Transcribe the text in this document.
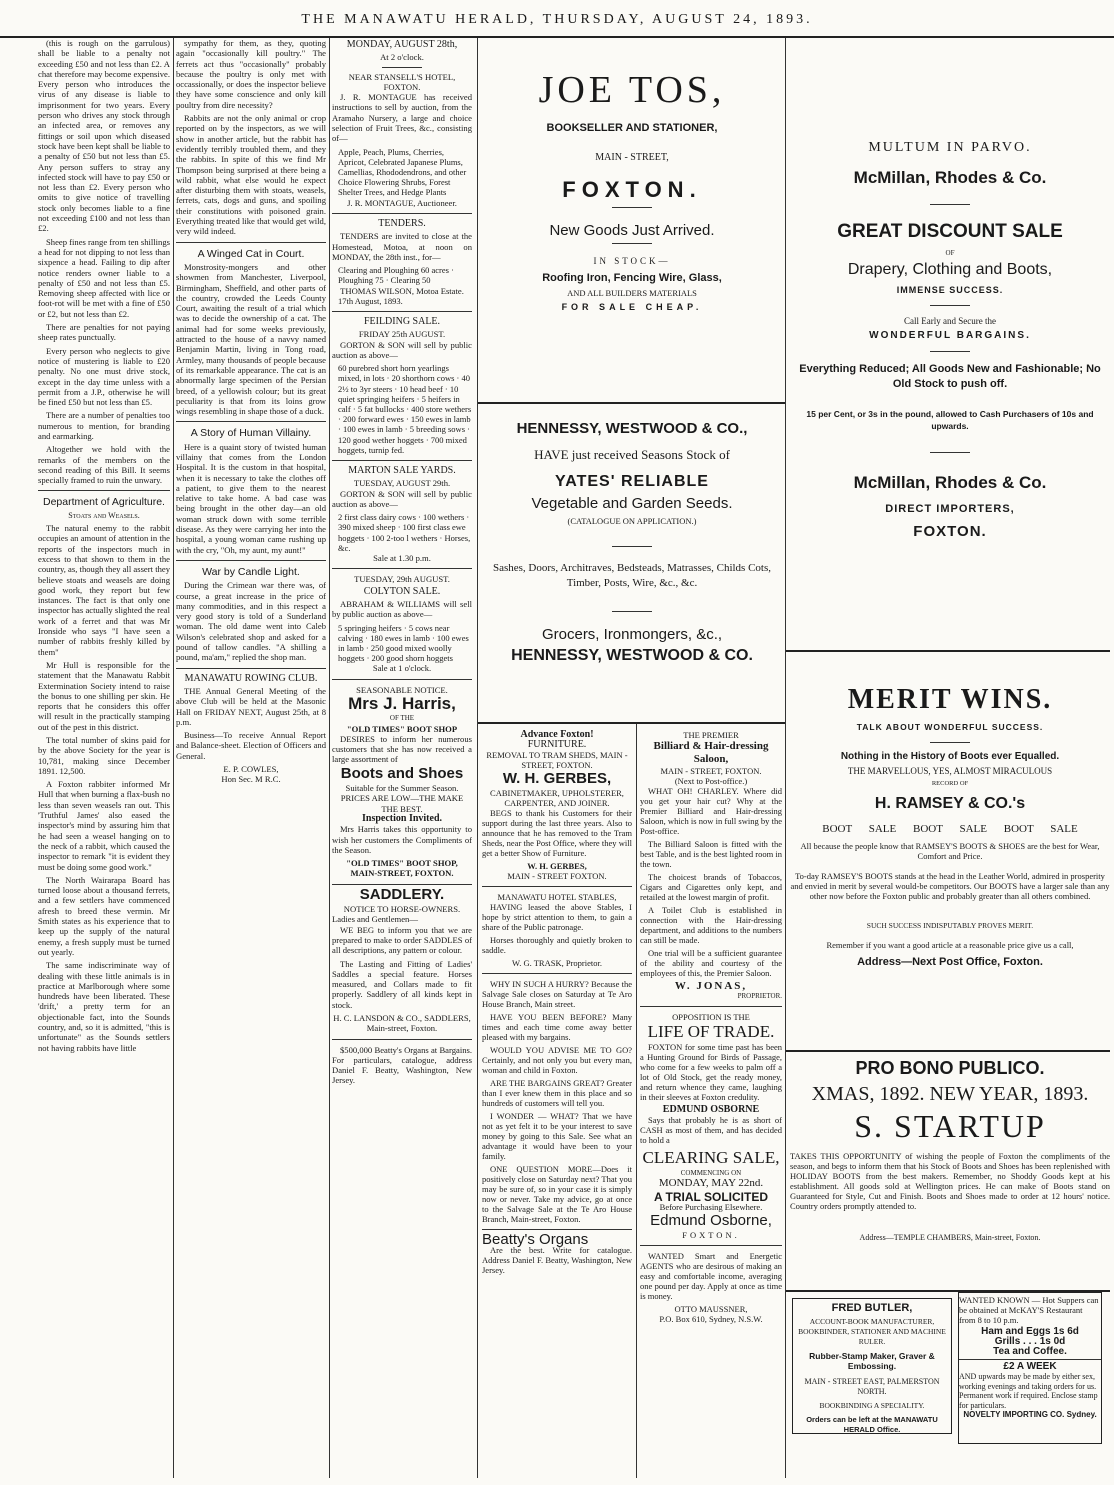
THE MANAWATU HERALD, THURSDAY, AUGUST 24, 1893.

(this is rough on the garrulous) shall be liable to a penalty not exceeding £50 and not less than £2. A chat therefore may become expensive. Every person who introduces the virus of any disease is liable to imprisonment for two years. Every person who drives any stock through an infected area, or removes any fittings or soil upon which diseased stock have been kept shall be liable to a penalty of £50 but not less than £5. Any person suffers to stray any infected stock will have to pay £50 or not less than £2. Every person who omits to give notice of travelling stock only becomes liable to a fine not exceeding £100 and not less than £2.

Sheep fines range from ten shillings a head for not dipping to not less than sixpence a head. Failing to dip after notice renders owner liable to a penalty of £50 and not less than £5. Removing sheep affected with lice or foot-rot will be met with a fine of £50 or £2, but not less than £2.

There are penalties for not paying sheep rates punctually.

Every person who neglects to give notice of mustering is liable to £20 penalty. No one must drive stock, except in the day time unless with a permit from a J.P., otherwise he will be fined £50 but not less than £5.

There are a number of penalties too numerous to mention, for branding and earmarking.

Altogether we hold with the remarks of the members on the second reading of this Bill. It seems specially framed to ruin the unwary.

Department of Agriculture.
Stoats and Weasels.

The natural enemy to the rabbit occupies an amount of attention in the reports of the inspectors much in excess to that shown to them in the country, as, though they all assert they believe stoats and weasels are doing good work, they report but few instances. The fact is that only one inspector has actually slighted the real work of a ferret and that was Mr Ironside who says "I have seen a number of rabbits freshly killed by them"

Mr Hull is responsible for the statement that the Manawatu Rabbit Extermination Society intend to raise the bonus to one shilling per skin. He reports that he considers this offer will result in the practically stamping out of the pest in this district.

The total number of skins paid for by the above Society for the year is 10,781, making since December 1891. 12,500.

A Foxton rabbiter informed Mr Hull that when burning a flax-bush no less than seven weasels ran out. This 'Truthful James' also eased the inspector's mind by assuring him that he had seen a weasel hanging on to the neck of a rabbit, which caused the inspector to remark "it is evident they must be doing some good work."

The North Wairarapa Board has turned loose about a thousand ferrets, and a few settlers have commenced afresh to breed these vermin. Mr Smith states as his experience that to keep up the supply of the natural enemy, a fresh supply must be turned out yearly.

The same indiscriminate way of dealing with these little animals is in practice at Marlborough where some hundreds have been liberated. These 'drift,' a pretty term for an objectionable fact, into the Sounds country, and, so it is admitted, "this is unfortunate" as the Sounds settlers not having rabbits have little

sympathy for them, as they, quoting again "occasionally kill poultry." The ferrets act thus "occasionally" probably because the poultry is only met with occassionally, or does the inspector believe they have some conscience and only kill poultry from dire necessity?

Rabbits are not the only animal or crop reported on by the inspectors, as we will show in another article, but the rabbit has evidently terribly troubled them, and they the rabbits. In spite of this we find Mr Thompson being surprised at there being a wild rabbit, what else would he expect after disturbing them with stoats, weasels, ferrets, cats, dogs and guns, and spoiling their constitutions with poisoned grain. Everything treated like that would get wild, very wild indeed.

A Winged Cat in Court.

Monstrosity-mongers and other showmen from Manchester, Liverpool, Birmingham, Sheffield, and other parts of the country, crowded the Leeds County Court, awaiting the result of a trial which was to decide the ownership of a cat. The animal had for some weeks previously, attracted to the house of a navvy named Benjamin Martin, living in Tong road, Armley, many thousands of people because of its remarkable appearance. The cat is an abnormally large specimen of the Persian breed, of a yellowish colour; but its great peculiarity is that from its loins grow wings resembling in shape those of a duck.

A Story of Human Villainy.

Here is a quaint story of twisted human villainy that comes from the London Hospital. It is the custom in that hospital, when it is necessary to take the clothes off a patient, to give them to the nearest relative to take home. A bad case was being brought in the other day—an old woman struck down with some terrible disease. As they were carrying her into the hospital, a young woman came rushing up with the cry, "Oh, my aunt, my aunt!"

War by Candle Light.

During the Crimean war there was, of course, a great increase in the price of many commodities, and in this respect a very good story is told of a Sunderland woman. The old dame went into Caleb Wilson's celebrated shop and asked for a pound of tallow candles. "A shilling a pound, ma'am," replied the shop man.

MANAWATU ROWING CLUB.

THE Annual General Meeting of the above Club will be held at the Masonic Hall on FRIDAY NEXT, August 25th, at 8 p.m.

Business—To receive Annual Report and Balance-sheet. Election of Officers and General.

E. P. COWLES,
Hon Sec. M R.C.
MONDAY, AUGUST 28th,
At 2 o'clock.
NEAR STANSELL'S HOTEL, FOXTON.

J. R. MONTAGUE has received instructions to sell by auction, from the Aramaho Nursery, a large and choice selection of Fruit Trees, &c., consisting of—

Apple, Peach, Plums, Cherries, Apricot, Celebrated Japanese Plums, Camellias, Rhododendrons, and other Choice Flowering Shrubs, Forest Shelter Trees, and Hedge Plants
J. R. MONTAGUE, Auctioneer.
TENDERS.

TENDERS are invited to close at the Homestead, Motoa, at noon on MONDAY, the 28th inst., for—

Clearing and Ploughing 60 acres · Ploughing 75 · Clearing 50
THOMAS WILSON, Motoa Estate.
17th August, 1893.
FEILDING SALE.
FRIDAY 25th AUGUST.

GORTON & SON will sell by public auction as above—

60 purebred short horn yearlings mixed, in lots · 20 shorthorn cows · 40 2½ to 3yr steers · 10 head beef · 10 quiet springing heifers · 5 heifers in calf · 5 fat bullocks · 400 store wethers · 200 forward ewes · 150 ewes in lamb · 100 ewes in lamb · 5 breeding sows · 120 good wether hoggets · 700 mixed hoggets, turnip fed.
MARTON SALE YARDS.
TUESDAY, AUGUST 29th.

GORTON & SON will sell by public auction as above—

2 first class dairy cows · 100 wethers · 390 mixed sheep · 100 first class ewe hoggets · 100 2-too l wethers · Horses, &c.
Sale at 1.30 p.m.
TUESDAY, 29th AUGUST.
COLYTON SALE.

ABRAHAM & WILLIAMS will sell by public auction as above—

5 springing heifers · 5 cows near calving · 180 ewes in lamb · 100 ewes in lamb · 250 good mixed woolly hoggets · 200 good shorn hoggets
Sale at 1 o'clock.
SEASONABLE NOTICE.
Mrs J. Harris,
OF THE
"OLD TIMES" BOOT SHOP

DESIRES to inform her numerous customers that she has now received a large assortment of

Boots and Shoes
Suitable for the Summer Season.
PRICES ARE LOW—THE MAKE THE BEST.
Inspection Invited.

Mrs Harris takes this opportunity to wish her customers the Compliments of the Season.

"OLD TIMES" BOOT SHOP, MAIN-STREET, FOXTON.
SADDLERY.
NOTICE TO HORSE-OWNERS.
Ladies and Gentlemen—

WE BEG to inform you that we are prepared to make to order SADDLES of all descriptions, any pattern or colour.

The Lasting and Fitting of Ladies' Saddles a special feature. Horses measured, and Collars made to fit properly. Saddlery of all kinds kept in stock.

H. C. LANSDON & CO., SADDLERS, Main-street, Foxton.

$500,000 Beatty's Organs at Bargains. For particulars, catalogue, address Daniel F. Beatty, Washington, New Jersey.

JOE TOS,
BOOKSELLER AND STATIONER,
MAIN - STREET,
FOXTON.
New Goods Just Arrived.
IN STOCK—
Roofing Iron, Fencing Wire, Glass,
AND ALL BUILDERS MATERIALS
FOR SALE CHEAP.
HENNESSY, WESTWOOD & CO.,
HAVE just received Seasons Stock of
YATES' RELIABLE
Vegetable and Garden Seeds.
(CATALOGUE ON APPLICATION.)
Sashes, Doors, Architraves, Bedsteads, Matrasses, Childs Cots, Timber, Posts, Wire, &c., &c.
Grocers, Ironmongers, &c.,
HENNESSY, WESTWOOD & CO.
Advance Foxton!
FURNITURE.
REMOVAL TO TRAM SHEDS, MAIN - STREET, FOXTON.
W. H. GERBES,
CABINETMAKER, UPHOLSTERER, CARPENTER, AND JOINER.

BEGS to thank his Customers for their support during the last three years. Also to announce that he has removed to the Tram Sheds, near the Post Office, where they will get a better Show of Furniture.

W. H. GERBES,
MAIN - STREET FOXTON.
MANAWATU HOTEL STABLES,

HAVING leased the above Stables, I hope by strict attention to them, to gain a share of the Public patronage.

Horses thoroughly and quietly broken to saddle.

W. G. TRASK, Proprietor.

WHY IN SUCH A HURRY? Because the Salvage Sale closes on Saturday at Te Aro House Branch, Main street.

HAVE YOU BEEN BEFORE? Many times and each time come away better pleased with my bargains.

WOULD YOU ADVISE ME TO GO? Certainly, and not only you but every man, woman and child in Foxton.

ARE THE BARGAINS GREAT? Greater than I ever knew them in this place and so hundreds of customers will tell you.

I WONDER — WHAT? That we have not as yet felt it to be your interest to save money by going to this Sale. See what an advantage it would have been to your family.

ONE QUESTION MORE—Does it positively close on Saturday next? That you may be sure of, so in your case it is simply now or never. Take my advice, go at once to the Salvage Sale at the Te Aro House Branch, Main-street, Foxton.

Beatty's Organs

Are the best. Write for catalogue. Address Daniel F. Beatty, Washington, New Jersey.

THE PREMIER
Billiard & Hair-dressing Saloon,
MAIN - STREET, FOXTON.
(Next to Post-office.)

WHAT OH! CHARLEY. Where did you get your hair cut? Why at the Premier Billiard and Hair-dressing Saloon, which is now in full swing by the Post-office.

The Billiard Saloon is fitted with the best Table, and is the best lighted room in the town.

The choicest brands of Tobaccos, Cigars and Cigarettes only kept, and retailed at the lowest margin of profit.

A Toilet Club is established in connection with the Hair-dressing department, and additions to the numbers can still be made.

One trial will be a sufficient guarantee of the ability and courtesy of the employees of this, the Premier Saloon.

W. JONAS,
PROPRIETOR.
OPPOSITION IS THE
LIFE OF TRADE.

FOXTON for some time past has been a Hunting Ground for Birds of Passage, who come for a few weeks to palm off a lot of Old Stock, get the ready money, and return whence they came, laughing in their sleeves at Foxton credulity.

EDMUND OSBORNE

Says that probably he is as short of CASH as most of them, and has decided to hold a

CLEARING SALE,
COMMENCING ON
MONDAY, MAY 22nd.
A TRIAL SOLICITED
Before Purchasing Elsewhere.
Edmund Osborne,
FOXTON.

WANTED Smart and Energetic AGENTS who are desirous of making an easy and comfortable income, averaging one pound per day. Apply at once as time is money.

OTTO MAUSSNER,
P.O. Box 610, Sydney, N.S.W.
MULTUM IN PARVO.
McMillan, Rhodes & Co.
GREAT DISCOUNT SALE
OF
Drapery, Clothing and Boots,
IMMENSE SUCCESS.
Call Early and Secure the
WONDERFUL BARGAINS.
Everything Reduced; All Goods New and Fashionable; No Old Stock to push off.
15 per Cent, or 3s in the pound, allowed to Cash Purchasers of 10s and upwards.
McMillan, Rhodes & Co.
DIRECT IMPORTERS,
FOXTON.
MERIT WINS.
TALK ABOUT WONDERFUL SUCCESS.
Nothing in the History of Boots ever Equalled.
THE MARVELLOUS, YES, ALMOST MIRACULOUS
RECORD OF
H. RAMSEY & CO.'s
BOOT SALE BOOT SALE BOOT SALE
All because the people know that RAMSEY'S BOOTS & SHOES are the best for Wear, Comfort and Price.
To-day RAMSEY'S BOOTS stands at the head in the Leather World, admired in prosperity and envied in merit by several would-be competitors. Our BOOTS have a larger sale than any other now before the Foxton public and probably greater than all others combined.
SUCH SUCCESS INDISPUTABLY PROVES MERIT.
Remember if you want a good article at a reasonable price give us a call,
Address—Next Post Office, Foxton.
PRO BONO PUBLICO.
XMAS, 1892. NEW YEAR, 1893.
S. STARTUP
TAKES THIS OPPORTUNITY of wishing the people of Foxton the compliments of the season, and begs to inform them that his Stock of Boots and Shoes has been replenished with HOLIDAY BOOTS from the best makers. Remember, no Shoddy Goods kept at his establishment. All goods sold at Wellington prices. He can make of Boots stand on Guaranteed for Style, Cut and Finish. Boots and Shoes made to order at 12 hours' notice. Country orders promptly attended to.
Address—TEMPLE CHAMBERS, Main-street, Foxton.
FRED BUTLER,
ACCOUNT-BOOK MANUFACTURER, BOOKBINDER, STATIONER AND MACHINE RULER.
Rubber-Stamp Maker, Graver & Embossing.
MAIN - STREET EAST, PALMERSTON NORTH.
BOOKBINDING A SPECIALITY.
Orders can be left at the MANAWATU HERALD Office.
WANTED KNOWN — Hot Suppers can be obtained at McKAY'S Restaurant from 8 to 10 p.m.
Ham and Eggs 1s 6d
Grills . . . 1s 0d
Tea and Coffee.
£2 A WEEK
AND upwards may be made by either sex, working evenings and taking orders for us. Permanent work if required. Enclose stamp for particulars.
NOVELTY IMPORTING CO. Sydney.
